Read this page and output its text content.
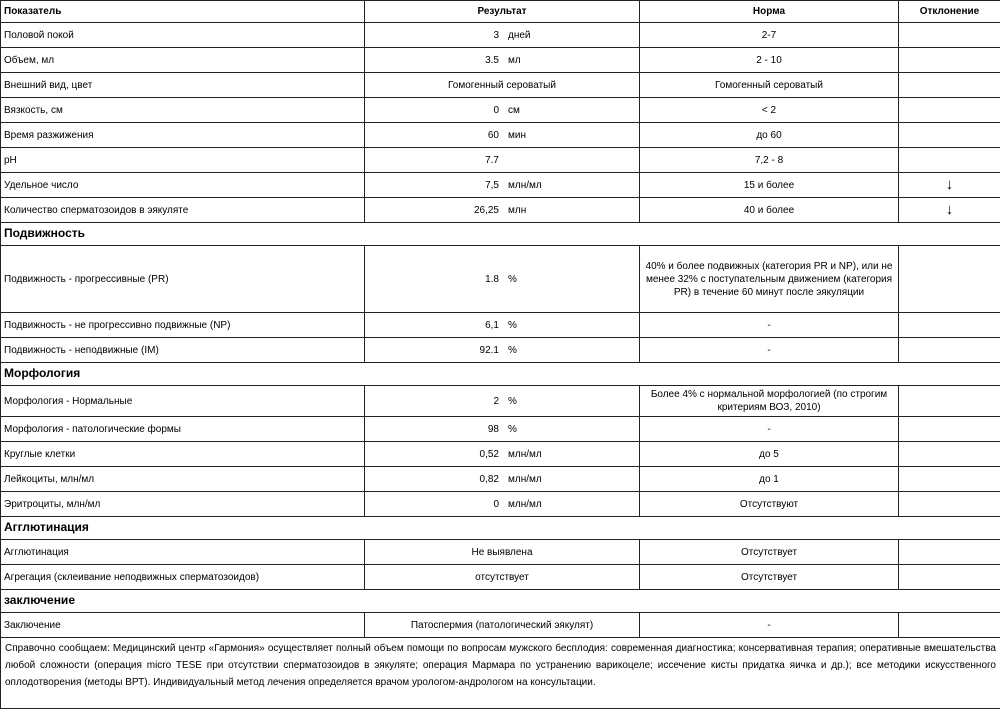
Показатель	Результат	Норма	Отклонение
Половой покой	3 дней	2-7	
Объем, мл	3.5 мл	2 - 10	
Внешний вид, цвет	Гомогенный сероватый	Гомогенный сероватый	
Вязкость, см	0 см	< 2	
Время разжижения	60 мин	до 60	
pH	7.7	7,2 - 8	
Удельное число	7,5 млн/мл	15 и более	↓
Количество сперматозоидов в эякуляте	26,25 млн	40 и более	↓
Подвижность			
Подвижность - прогрессивные (PR)	1.8 %	40% и более подвижных (категория PR и NP), или не менее 32% с поступательным движением (категория PR) в течение 60 минут после эякуляции	
Подвижность - не прогрессивно подвижные (NP)	6,1 %	-	
Подвижность - неподвижные (IM)	92.1 %	-	
Морфология			
Морфология - Нормальные	2 %	Более 4% с нормальной морфологией (по строгим критериям ВОЗ, 2010)	
Морфология - патологические формы	98 %	-	
Круглые клетки	0,52 млн/мл	до 5	
Лейкоциты, млн/мл	0,82 млн/мл	до 1	
Эритроциты, млн/мл	0 млн/мл	Отсутствуют	
Агглютинация			
Агглютинация	Не выявлена	Отсутствует	
Агрегация (склеивание неподвижных сперматозоидов)	отсутствует	Отсутствует	
заключение			
Заключение	Патоспермия (патологический эякулят)	-	
Справочно сообщаем: Медицинский центр «Гармония» осуществляет полный объем помощи по вопросам мужского бесплодия: современная диагностика; консервативная терапия; оперативные вмешательства любой сложности (операция micro TESE при отсутствии сперматозоидов в эякуляте; операция Мармара по устранению варикоцеле; иссечение кисты придатка яичка и др.); все методики искусственного оплодотворения (методы ВРТ). Индивидуальный метод лечения определяется врачом урологом-андрологом на консультации.			
